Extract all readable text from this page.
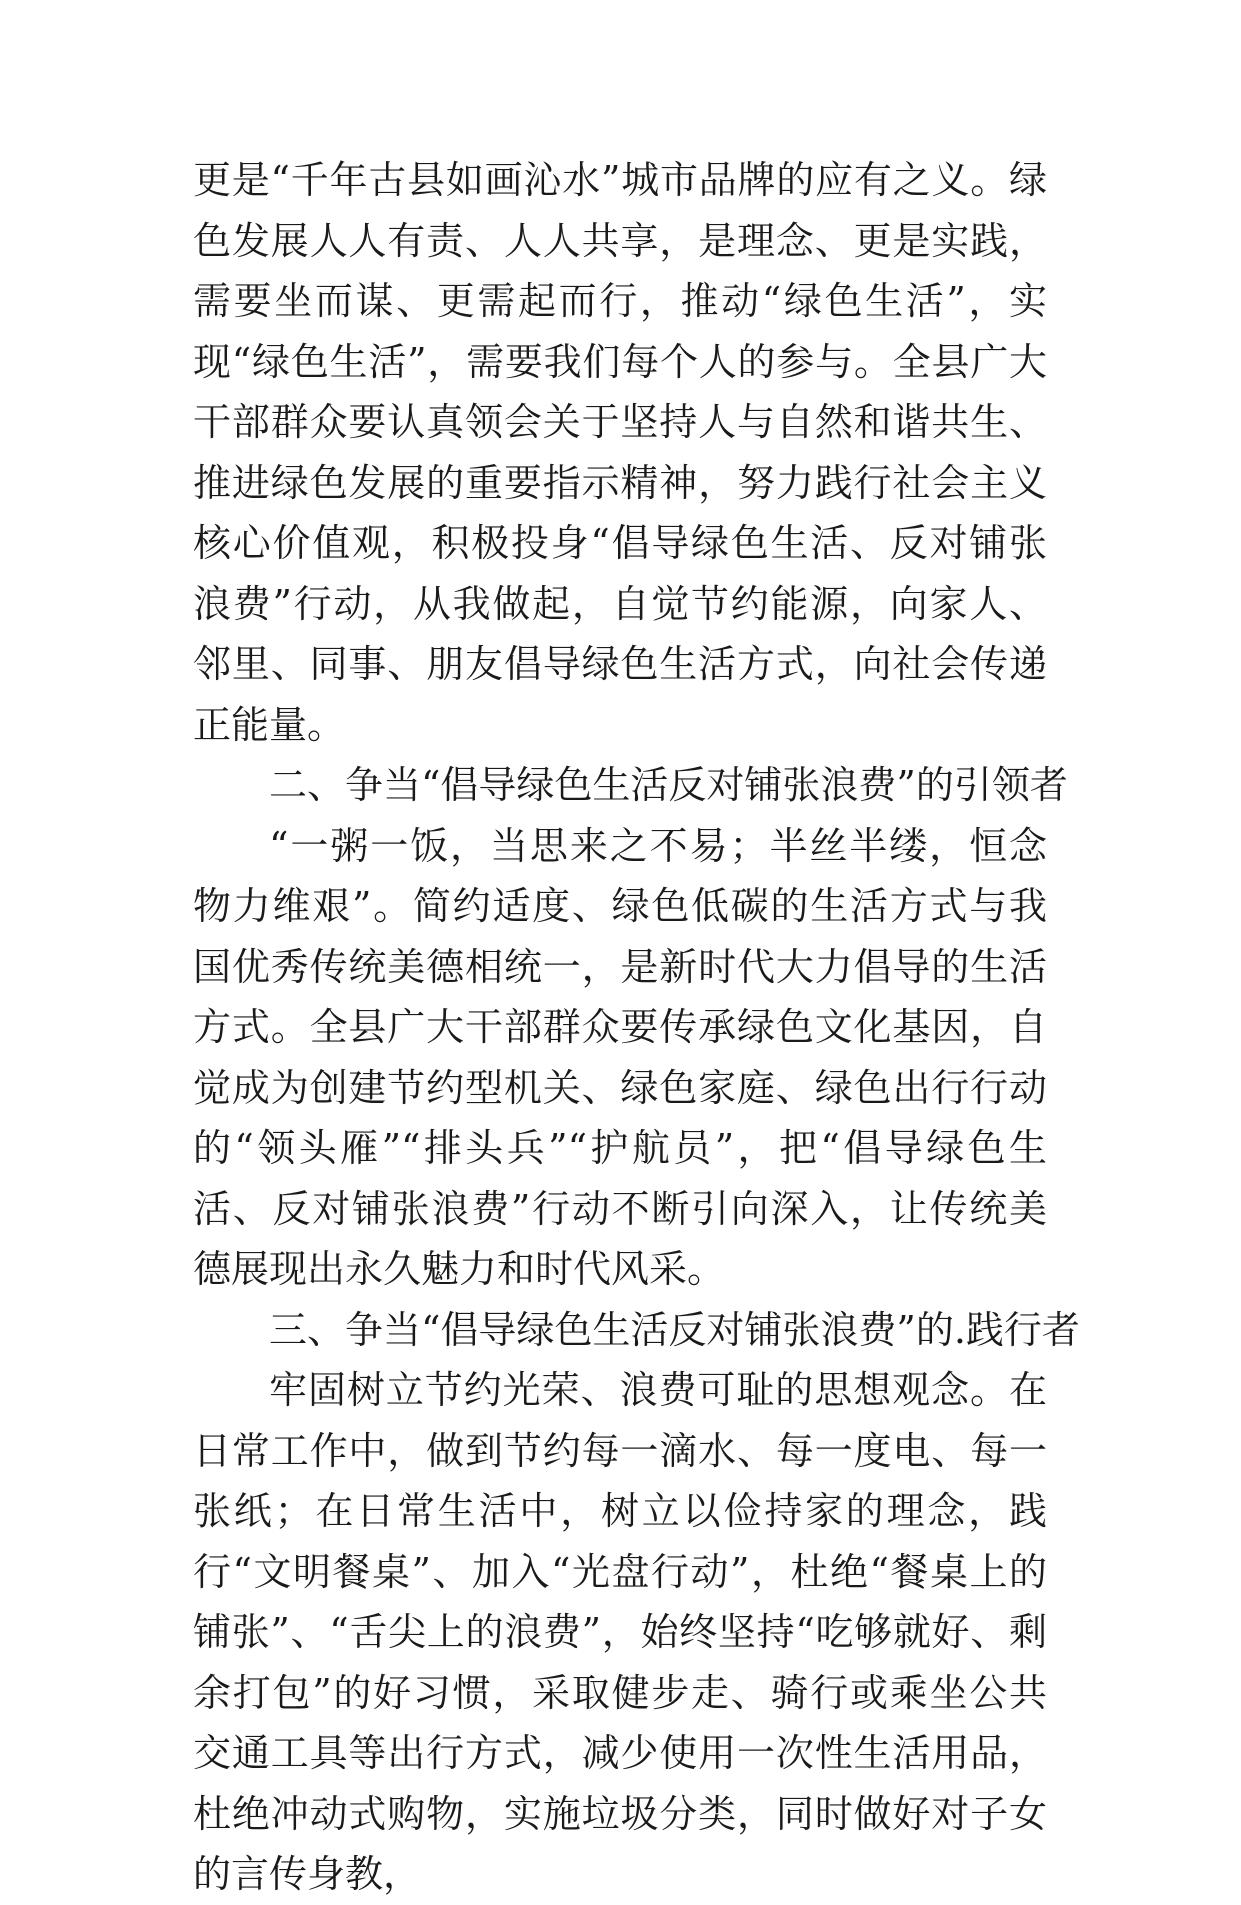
更是“千年古县如画沁水”城市品牌的应有之义。绿色发展人人有责、人人共享，是理念、更是实践，需要坐而谋、更需起而行，推动“绿色生活”，实现“绿色生活”，需要我们每个人的参与。全县广大干部群众要认真领会关于坚持人与自然和谐共生、推进绿色发展的重要指示精神，努力践行社会主义核心价值观，积极投身“倡导绿色生活、反对铺张浪费”行动，从我做起，自觉节约能源，向家人、邻里、同事、朋友倡导绿色生活方式，向社会传递正能量。

二、争当“倡导绿色生活反对铺张浪费”的引领者

“一粥一饭，当思来之不易；半丝半缕，恒念物力维艰”。简约适度、绿色低碳的生活方式与我国优秀传统美德相统一，是新时代大力倡导的生活方式。全县广大干部群众要传承绿色文化基因，自觉成为创建节约型机关、绿色家庭、绿色出行行动的“领头雁”“排头兵”“护航员”，把“倡导绿色生活、反对铺张浪费”行动不断引向深入，让传统美德展现出永久魅力和时代风采。

三、争当“倡导绿色生活反对铺张浪费”的.践行者

牢固树立节约光荣、浪费可耻的思想观念。在日常工作中，做到节约每一滴水、每一度电、每一张纸；在日常生活中，树立以俭持家的理念，践行“文明餐桌”、加入“光盘行动”，杜绝“餐桌上的铺张”、“舌尖上的浪费”，始终坚持“吃够就好、剩余打包”的好习惯，采取健步走、骑行或乘坐公共交通工具等出行方式，减少使用一次性生活用品，杜绝冲动式购物，实施垃圾分类，同时做好对子女的言传身教，
